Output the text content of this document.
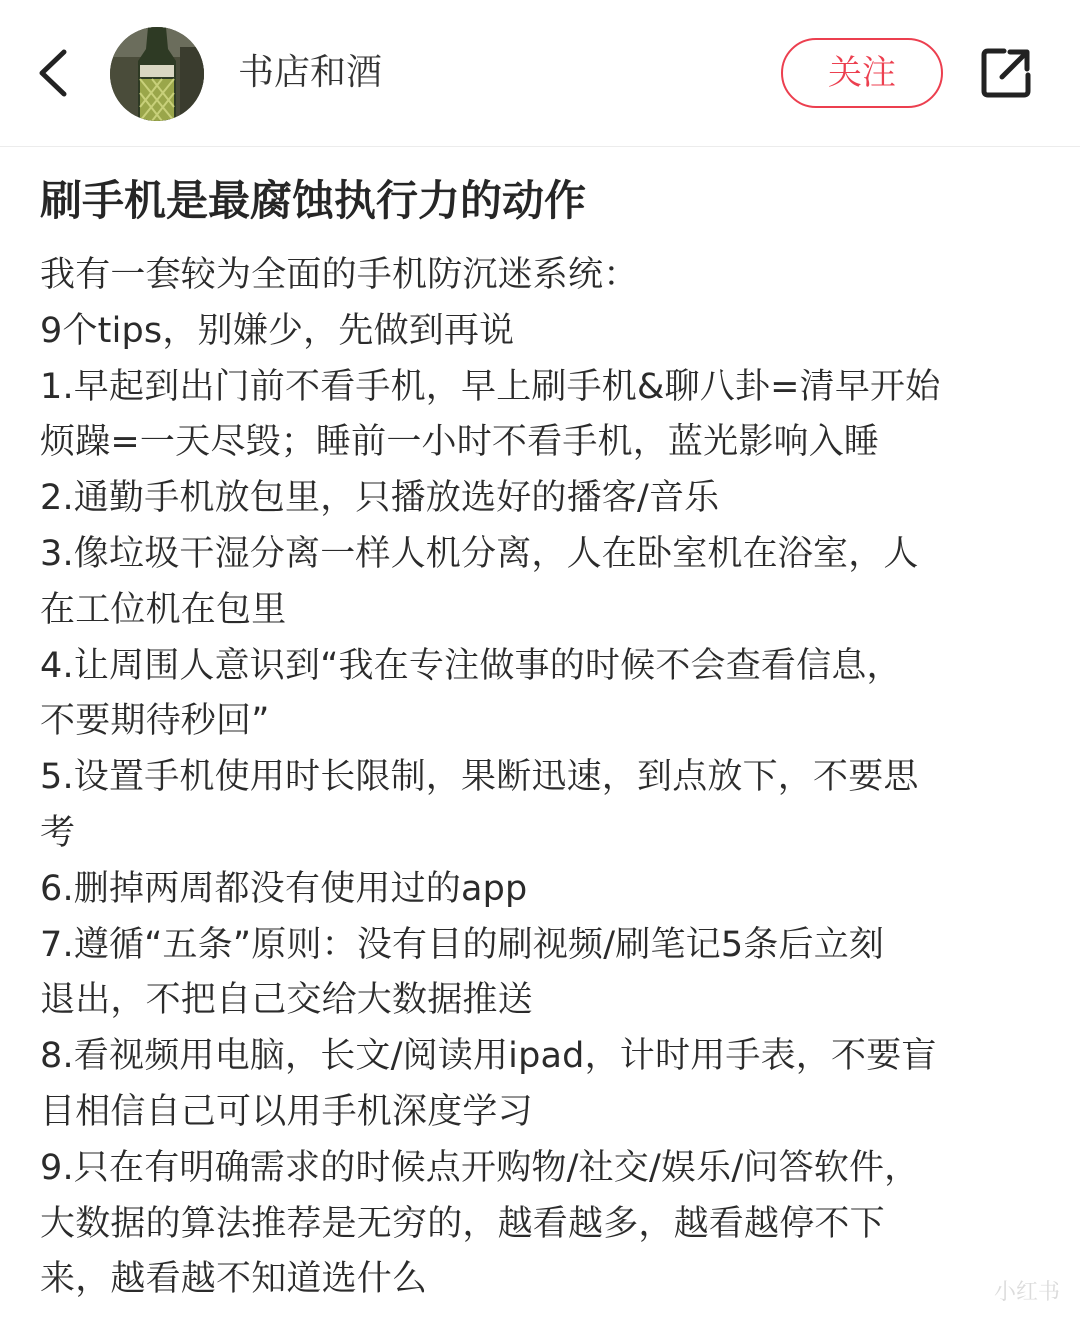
书店和酒	关注
刷手机是最腐蚀执行力的动作
我有一套较为全面的手机防沉迷系统：
9个tips，别嫌少，先做到再说
1.早起到出门前不看手机，早上刷手机&聊八卦=清早开始
烦躁=一天尽毁；睡前一小时不看手机，蓝光影响入睡
2.通勤手机放包里，只播放选好的播客/音乐
3.像垃圾干湿分离一样人机分离，人在卧室机在浴室，人
在工位机在包里
4.让周围人意识到“我在专注做事的时候不会查看信息，
不要期待秒回”
5.设置手机使用时长限制，果断迅速，到点放下，不要思
考
6.删掉两周都没有使用过的app
7.遵循“五条”原则：没有目的刷视频/刷笔记5条后立刻
退出，不把自己交给大数据推送
8.看视频用电脑，长文/阅读用ipad，计时用手表，不要盲
目相信自己可以用手机深度学习
9.只在有明确需求的时候点开购物/社交/娱乐/问答软件，
大数据的算法推荐是无穷的，越看越多，越看越停不下
来，越看越不知道选什么	小红书
